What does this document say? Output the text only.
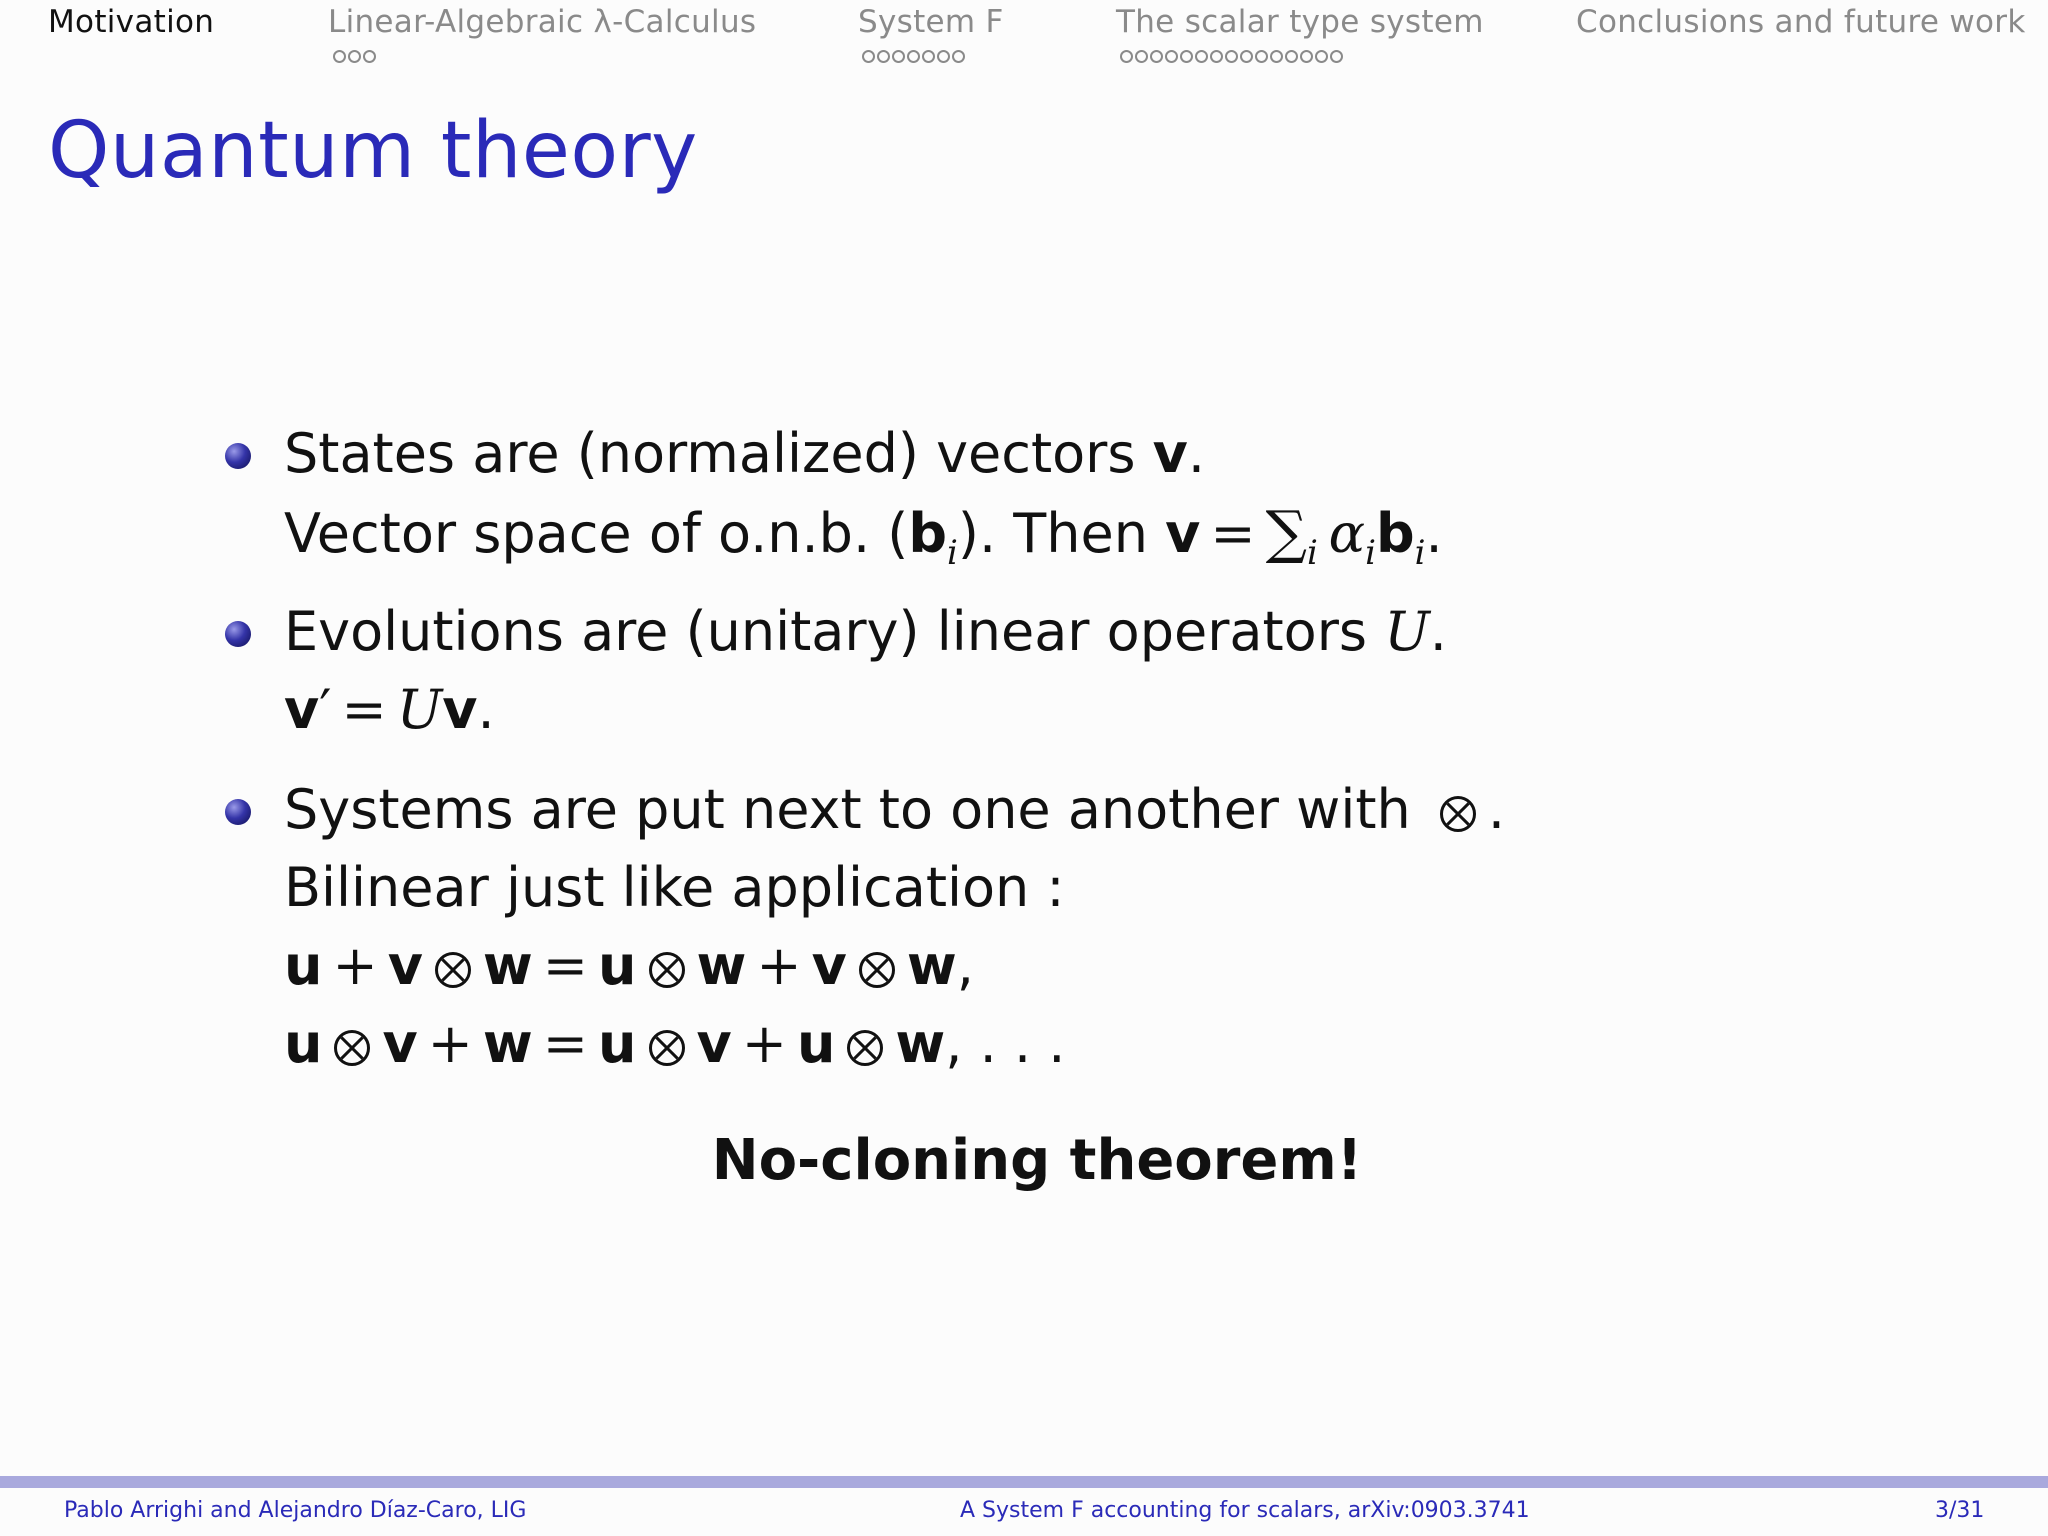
Motivation	Linear-Algebraic λ-Calculus	System F	The scalar type system	Conclusions and future work
Quantum theory
States are (normalized) vectors v.
Vector space of o.n.b. $(b_i)$. Then $v = \sum_i$  $\alpha_ib_i$.
Evolutions are (unitary) linear operators U.
v′ = Uv.
Systems are put next to one another with .
Bilinear just like application :
u + v w = u w + v w,
u v + w = u v + u w, . . .
No-cloning theorem!
Pablo Arrighi and Alejandro Díaz-Caro, LIG	A System F accounting for scalars, arXiv:0903.3741	3/31
